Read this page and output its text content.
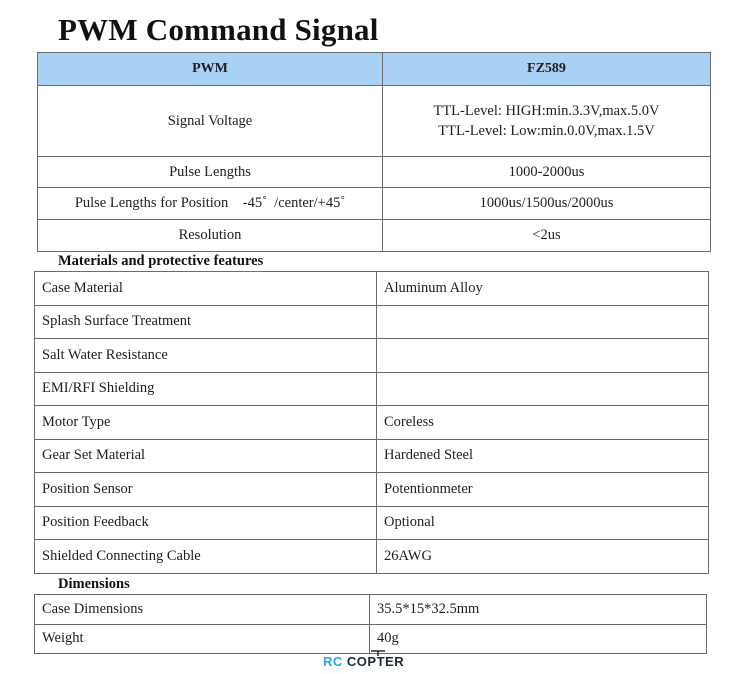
PWM Command Signal
PWM	FZ589
Signal Voltage	TTL-Level: HIGH:min.3.3V,max.5.0V
TTL-Level: Low:min.0.0V,max.1.5V

Pulse Lengths	1000-2000us
Pulse Lengths for Position    -45˚  /center/+45˚	1000us/1500us/2000us
Resolution	<2us
Materials and protective features
Case Material	Aluminum Alloy
Splash Surface Treatment	
Salt Water Resistance	
EMI/RFI Shielding	
Motor Type	Coreless
Gear Set Material	Hardened Steel
Position Sensor	Potentionmeter
Position Feedback	Optional
Shielded Connecting Cable	26AWG
Dimensions
Case Dimensions	35.5*15*32.5mm
Weight	40g
RC COPTER
